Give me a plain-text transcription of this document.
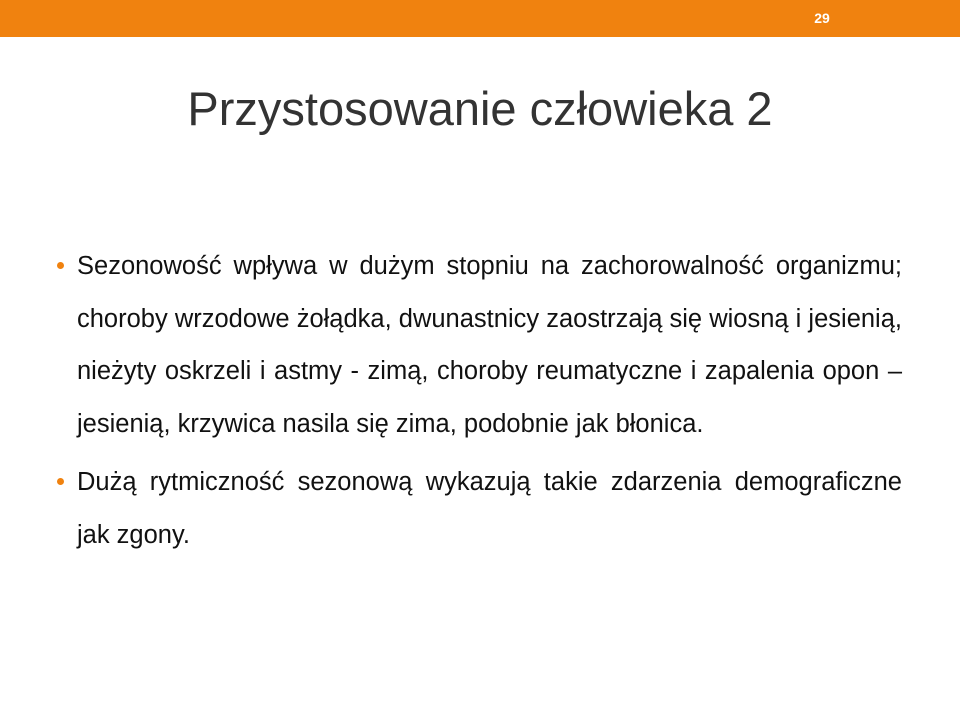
29
Przystosowanie człowieka 2
Sezonowość wpływa w dużym stopniu na zachorowalność organizmu; choroby wrzodowe żołądka, dwunastnicy zaostrzają się wiosną i jesienią, nieżyty oskrzeli i astmy - zimą, choroby reumatyczne i zapalenia opon – jesienią, krzywica nasila się zima, podobnie jak błonica.
Dużą rytmiczność sezonową wykazują takie zdarzenia demograficzne jak zgony.
